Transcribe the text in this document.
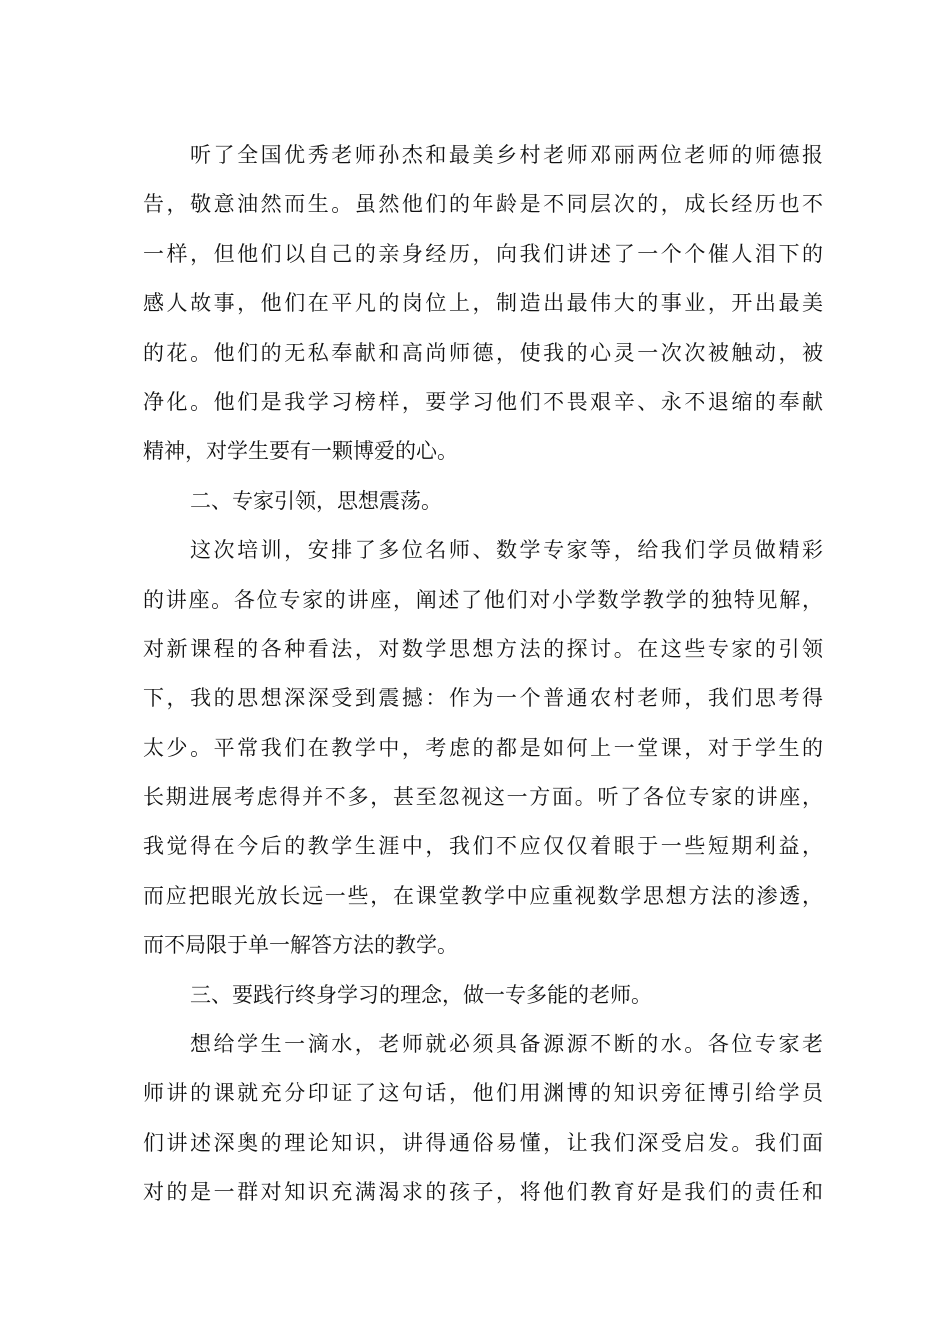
听了全国优秀老师孙杰和最美乡村老师邓丽两位老师的师德报
告，敬意油然而生。虽然他们的年龄是不同层次的，成长经历也不
一样，但他们以自己的亲身经历，向我们讲述了一个个催人泪下的
感人故事，他们在平凡的岗位上，制造出最伟大的事业，开出最美
的花。他们的无私奉献和高尚师德，使我的心灵一次次被触动，被
净化。他们是我学习榜样，要学习他们不畏艰辛、永不退缩的奉献
精神，对学生要有一颗博爱的心。
二、专家引领，思想震荡。
这次培训，安排了多位名师、数学专家等，给我们学员做精彩
的讲座。各位专家的讲座，阐述了他们对小学数学教学的独特见解，
对新课程的各种看法，对数学思想方法的探讨。在这些专家的引领
下，我的思想深深受到震撼：作为一个普通农村老师，我们思考得
太少。平常我们在教学中，考虑的都是如何上一堂课，对于学生的
长期进展考虑得并不多，甚至忽视这一方面。听了各位专家的讲座，
我觉得在今后的教学生涯中，我们不应仅仅着眼于一些短期利益，
而应把眼光放长远一些，在课堂教学中应重视数学思想方法的渗透，
而不局限于单一解答方法的教学。
三、要践行终身学习的理念，做一专多能的老师。
想给学生一滴水，老师就必须具备源源不断的水。各位专家老
师讲的课就充分印证了这句话，他们用渊博的知识旁征博引给学员
们讲述深奥的理论知识，讲得通俗易懂，让我们深受启发。我们面
对的是一群对知识充满渴求的孩子，将他们教育好是我们的责任和
